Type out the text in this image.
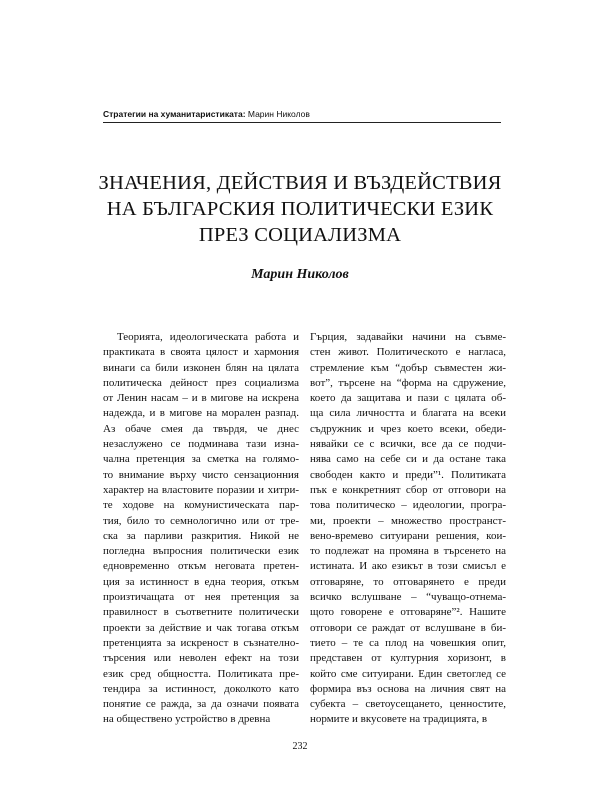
Стратегии на хуманитаристиката: Марин Николов
ЗНАЧЕНИЯ, ДЕЙСТВИЯ И ВЪЗДЕЙСТВИЯ
НА БЪЛГАРСКИЯ ПОЛИТИЧЕСКИ ЕЗИК
ПРЕЗ СОЦИАЛИЗМА
Марин Николов
Теорията, идеологическата работа и
практиката в своята цялост и хармония
винаги са били изконен блян на цялата
политическа дейност през социализма
от Ленин насам – и в мигове на искрена
надежда, и в мигове на морален разпад.
Аз обаче смея да твърдя, че днес
незаслужено се подминава тази изна-
чална претенция за сметка на голямо-
то внимание върху чисто сензационния
характер на властовите поразии и хитри-
те ходове на комунистическата пар-
тия, било то семнологично или от тре-
ска за парливи разкрития. Никой не
погледна въпросния политически език
едновременно откъм неговата претен-
ция за истинност в една теория, откъм
произтичащата от нея претенция за
правилност в съответните политически
проекти за действие и чак тогава откъм
претенцията за искреност в съзнателно-
търсения или неволен ефект на този
език сред общността. Политиката пре-
тендира за истинност, доколкото като
понятие се ражда, за да означи появата
на обществено устройство в древна
Гърция, задавайки начини на съвме-
стен живот. Политическото е нагласа,
стремление към “добър съвместен жи-
вот”, търсене на “форма на сдружение,
което да защитава и пази с цялата об-
ща сила личността и благата на всеки
съдружник и чрез което всеки, обеди-
нявайки се с всички, все да се подчи-
нява само на себе си и да остане така
свободен както и преди”¹. Политиката
пък е конкретният сбор от отговори на
това политическо – идеологии, програ-
ми, проекти – множество пространст-
вено-времево ситуирани решения, кои-
то подлежат на промяна в търсенето на
истината. И ако езикът в този смисъл е
отговаряне, то отговарянето е преди
всичко вслушване – “чуващо-отнема-
щото говорене е отговаряне”². Нашите
отговори се раждат от вслушване в би-
тието – те са плод на човешкия опит,
представен от културния хоризонт, в
който сме ситуирани. Един светоглед се
формира въз основа на личния свят на
субекта – светоусещането, ценностите,
нормите и вкусовете на традицията, в
232
